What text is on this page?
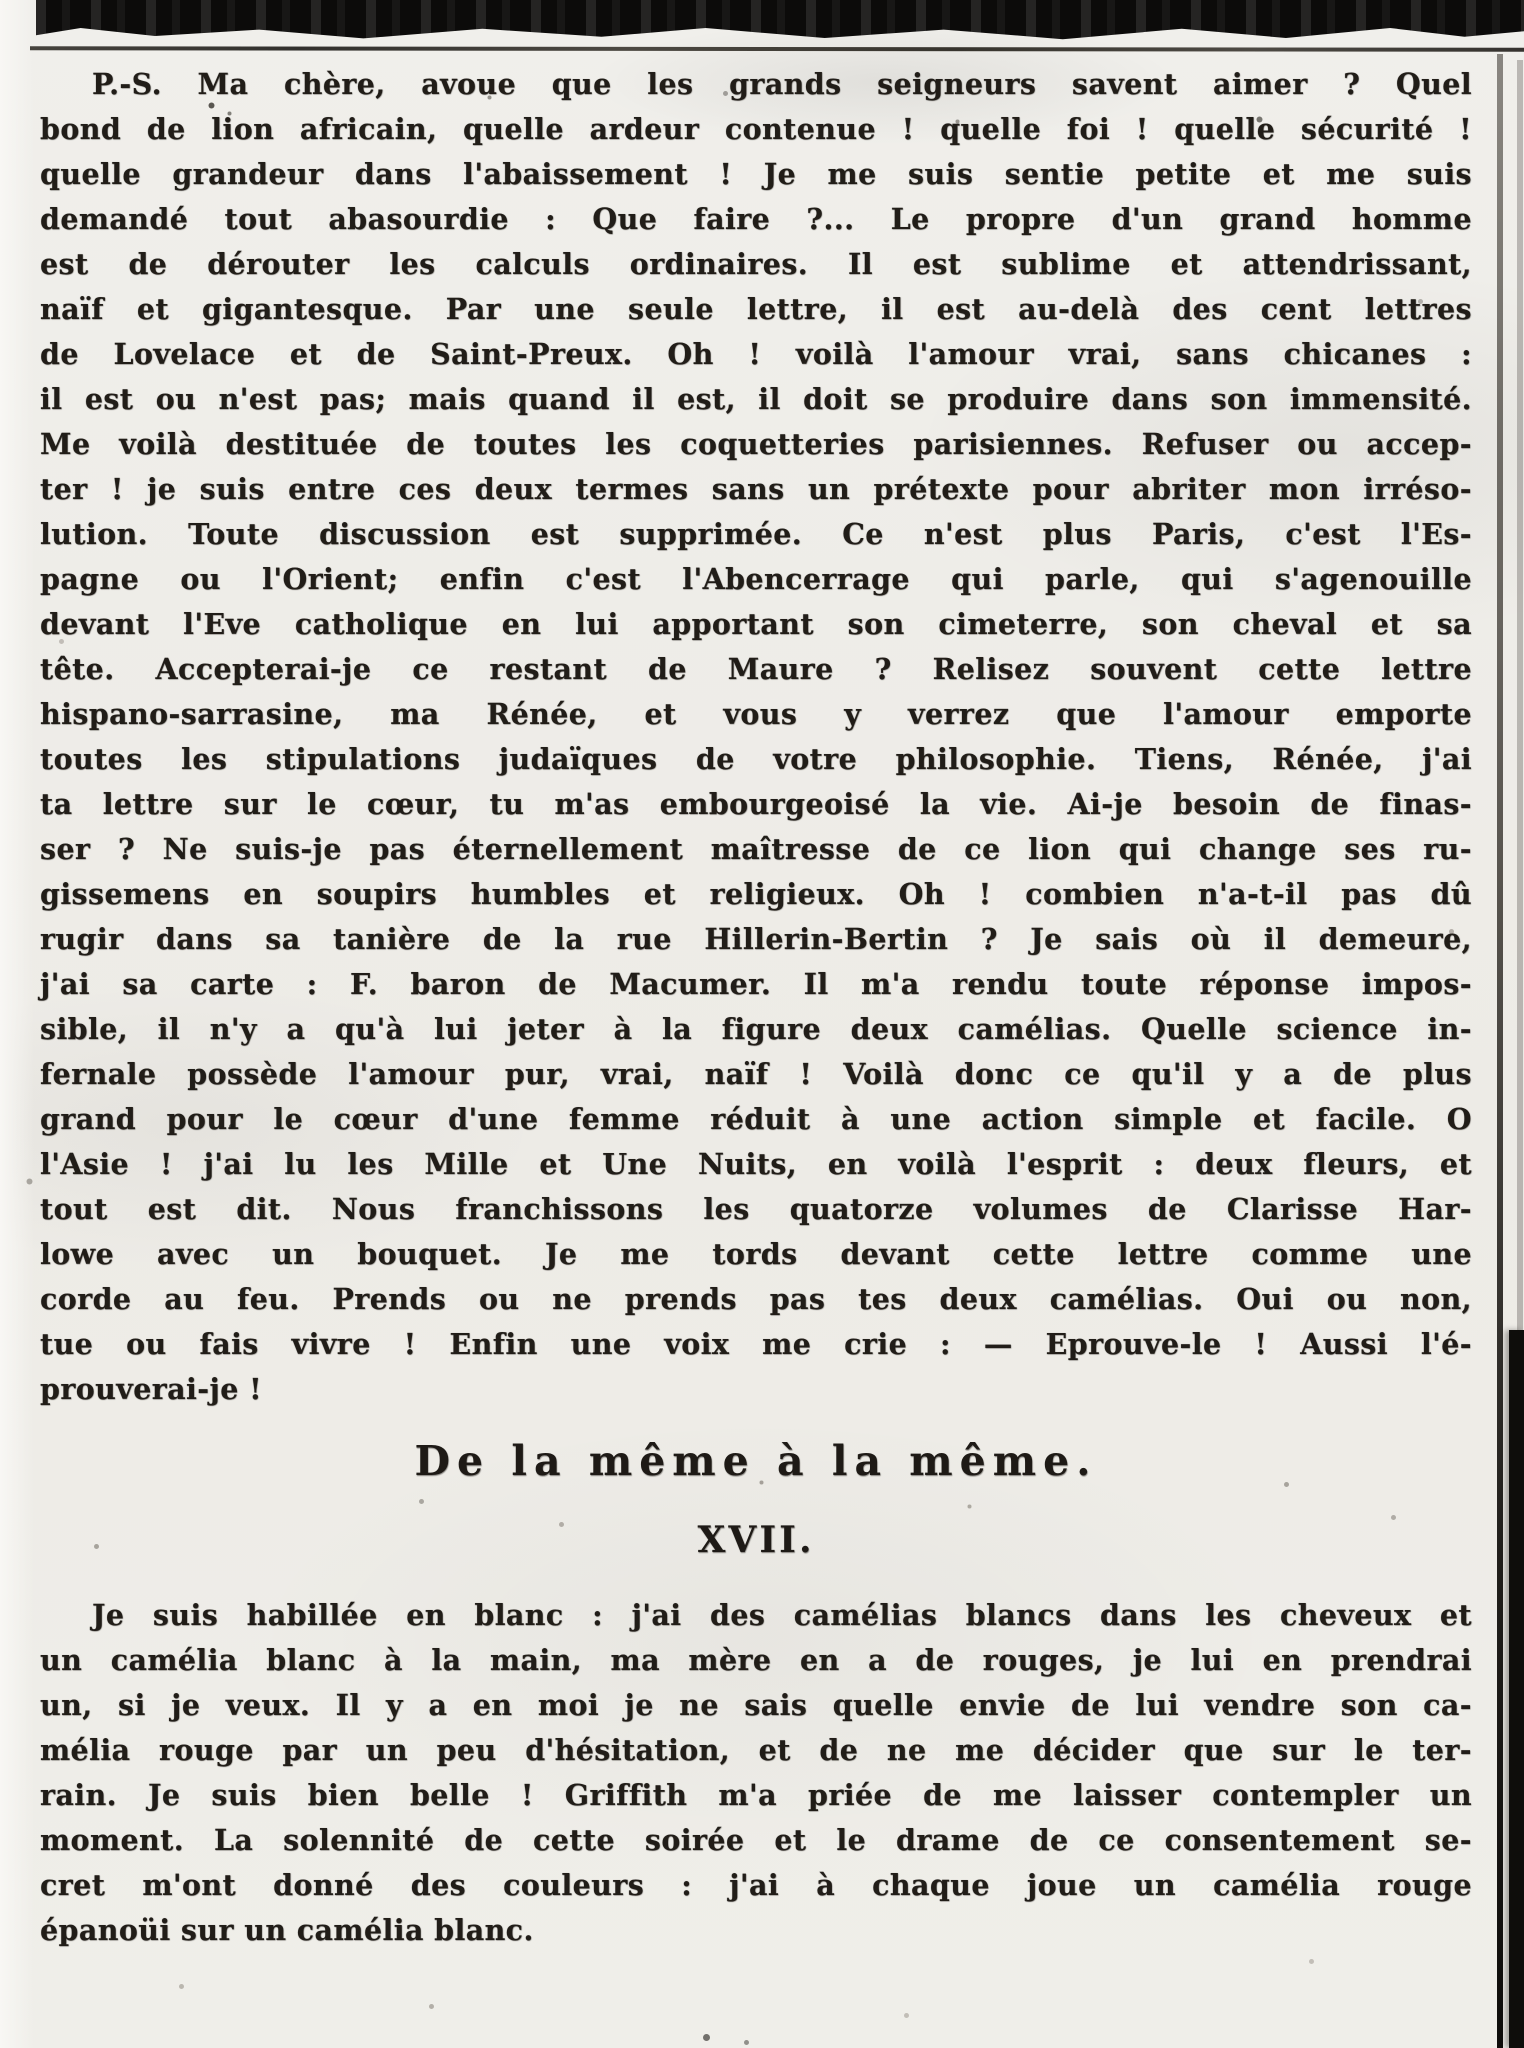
P.-S. Ma chère, avoue que les grands seigneurs savent aimer ? Quel
bond de lion africain, quelle ardeur contenue ! quelle foi ! quelle sécurité !
quelle grandeur dans l'abaissement ! Je me suis sentie petite et me suis
demandé tout abasourdie : Que faire ?... Le propre d'un grand homme
est de dérouter les calculs ordinaires. Il est sublime et attendrissant,
naïf et gigantesque. Par une seule lettre, il est au-delà des cent lettres
de Lovelace et de Saint-Preux. Oh ! voilà l'amour vrai, sans chicanes :
il est ou n'est pas; mais quand il est, il doit se produire dans son immensité.
Me voilà destituée de toutes les coquetteries parisiennes. Refuser ou accep-
ter ! je suis entre ces deux termes sans un prétexte pour abriter mon irréso-
lution. Toute discussion est supprimée. Ce n'est plus Paris, c'est l'Es-
pagne ou l'Orient; enfin c'est l'Abencerrage qui parle, qui s'agenouille
devant l'Eve catholique en lui apportant son cimeterre, son cheval et sa
tête. Accepterai-je ce restant de Maure ? Relisez souvent cette lettre
hispano-sarrasine, ma Rénée, et vous y verrez que l'amour emporte
toutes les stipulations judaïques de votre philosophie. Tiens, Rénée, j'ai
ta lettre sur le cœur, tu m'as embourgeoisé la vie. Ai-je besoin de finas-
ser ? Ne suis-je pas éternellement maîtresse de ce lion qui change ses ru-
gissemens en soupirs humbles et religieux. Oh ! combien n'a-t-il pas dû
rugir dans sa tanière de la rue Hillerin-Bertin ? Je sais où il demeure,
j'ai sa carte : F. baron de Macumer. Il m'a rendu toute réponse impos-
sible, il n'y a qu'à lui jeter à la figure deux camélias. Quelle science in-
fernale possède l'amour pur, vrai, naïf ! Voilà donc ce qu'il y a de plus
grand pour le cœur d'une femme réduit à une action simple et facile. O
l'Asie ! j'ai lu les Mille et Une Nuits, en voilà l'esprit : deux fleurs, et
tout est dit. Nous franchissons les quatorze volumes de Clarisse Har-
lowe avec un bouquet. Je me tords devant cette lettre comme une
corde au feu. Prends ou ne prends pas tes deux camélias. Oui ou non,
tue ou fais vivre ! Enfin une voix me crie : — Eprouve-le ! Aussi l'é-
prouverai-je !
Je suis habillée en blanc : j'ai des camélias blancs dans les cheveux et
un camélia blanc à la main, ma mère en a de rouges, je lui en prendrai
un, si je veux. Il y a en moi je ne sais quelle envie de lui vendre son ca-
mélia rouge par un peu d'hésitation, et de ne me décider que sur le ter-
rain. Je suis bien belle ! Griffith m'a priée de me laisser contempler un
moment. La solennité de cette soirée et le drame de ce consentement se-
cret m'ont donné des couleurs : j'ai à chaque joue un camélia rouge
épanoüi sur un camélia blanc.
De la même à la même.
XVII.
